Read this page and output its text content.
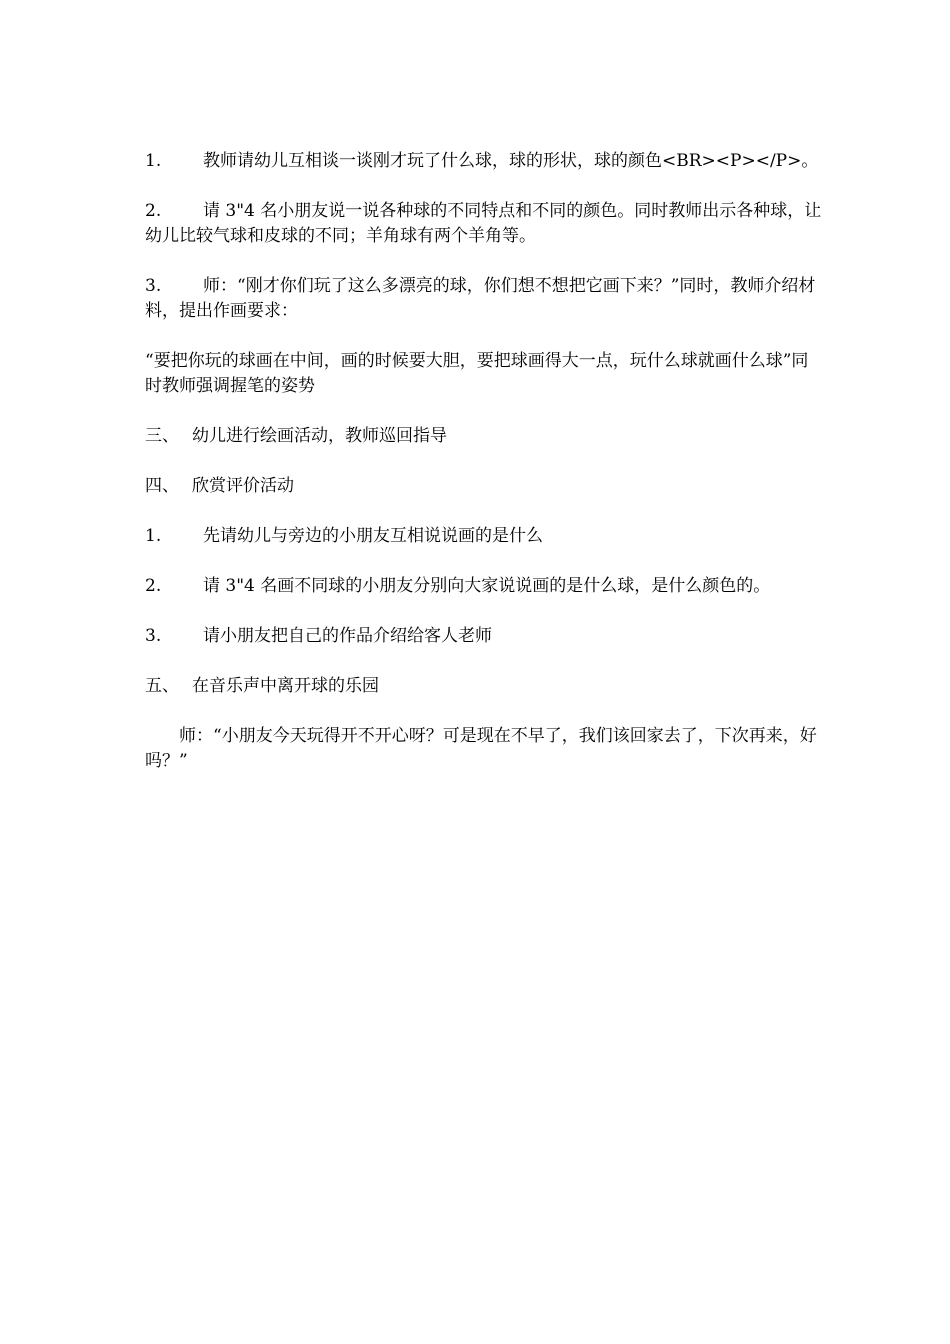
1. 教师请幼儿互相谈一谈刚才玩了什么球，球的形状，球的颜色<BR><P></P>。

2. 请 3"4 名小朋友说一说各种球的不同特点和不同的颜色。同时教师出示各种球，让幼儿比较气球和皮球的不同；羊角球有两个羊角等。

3. 师：“刚才你们玩了这么多漂亮的球，你们想不想把它画下来？”同时，教师介绍材料，提出作画要求：

“要把你玩的球画在中间，画的时候要大胆，要把球画得大一点，玩什么球就画什么球”同时教师强调握笔的姿势

三、 幼儿进行绘画活动，教师巡回指导

四、 欣赏评价活动

1. 先请幼儿与旁边的小朋友互相说说画的是什么

2. 请 3"4 名画不同球的小朋友分别向大家说说画的是什么球，是什么颜色的。

3. 请小朋友把自己的作品介绍给客人老师

五、 在音乐声中离开球的乐园

师：“小朋友今天玩得开不开心呀？可是现在不早了，我们该回家去了，下次再来，好吗？”
